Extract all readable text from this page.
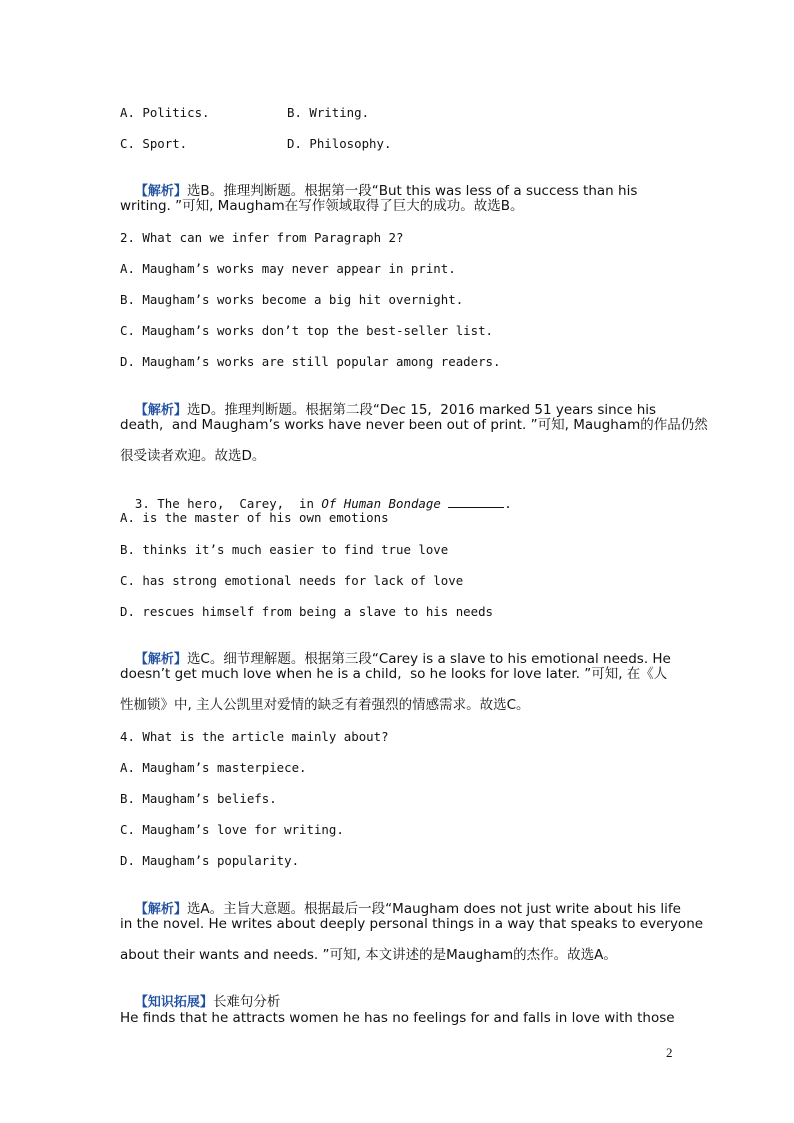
A. Politics.	B. Writing.
C. Sport.	D. Philosophy.

【解析】选B。推理判断题。根据第一段“But this was less of a success than his

writing. ”可知, Maugham在写作领域取得了巨大的成功。故选B。
2. What can we infer from Paragraph 2?
A. Maugham’s works may never appear in print.
B. Maugham’s works become a big hit overnight.
C. Maugham’s works don’t top the best-seller list.
D. Maugham’s works are still popular among readers.

【解析】选D。推理判断题。根据第二段“Dec 15,  2016 marked 51 years since his

death,  and Maugham’s works have never been out of print. ”可知, Maugham的作品仍然
很受读者欢迎。故选D。

3. The hero,  Carey,  in Of Human Bondage	.

A. is the master of his own emotions
B. thinks it’s much easier to find true love
C. has strong emotional needs for lack of love
D. rescues himself from being a slave to his needs

【解析】选C。细节理解题。根据第三段“Carey is a slave to his emotional needs. He

doesn’t get much love when he is a child,  so he looks for love later. ”可知, 在《人
性枷锁》中, 主人公凯里对爱情的缺乏有着强烈的情感需求。故选C。
4. What is the article mainly about?
A. Maugham’s masterpiece.
B. Maugham’s beliefs.
C. Maugham’s love for writing.
D. Maugham’s popularity.

【解析】选A。主旨大意题。根据最后一段“Maugham does not just write about his life

in the novel. He writes about deeply personal things in a way that speaks to everyone
about their wants and needs. ”可知, 本文讲述的是Maugham的杰作。故选A。

【知识拓展】长难句分析

He finds that he attracts women he has no feelings for and falls in love with those
2
